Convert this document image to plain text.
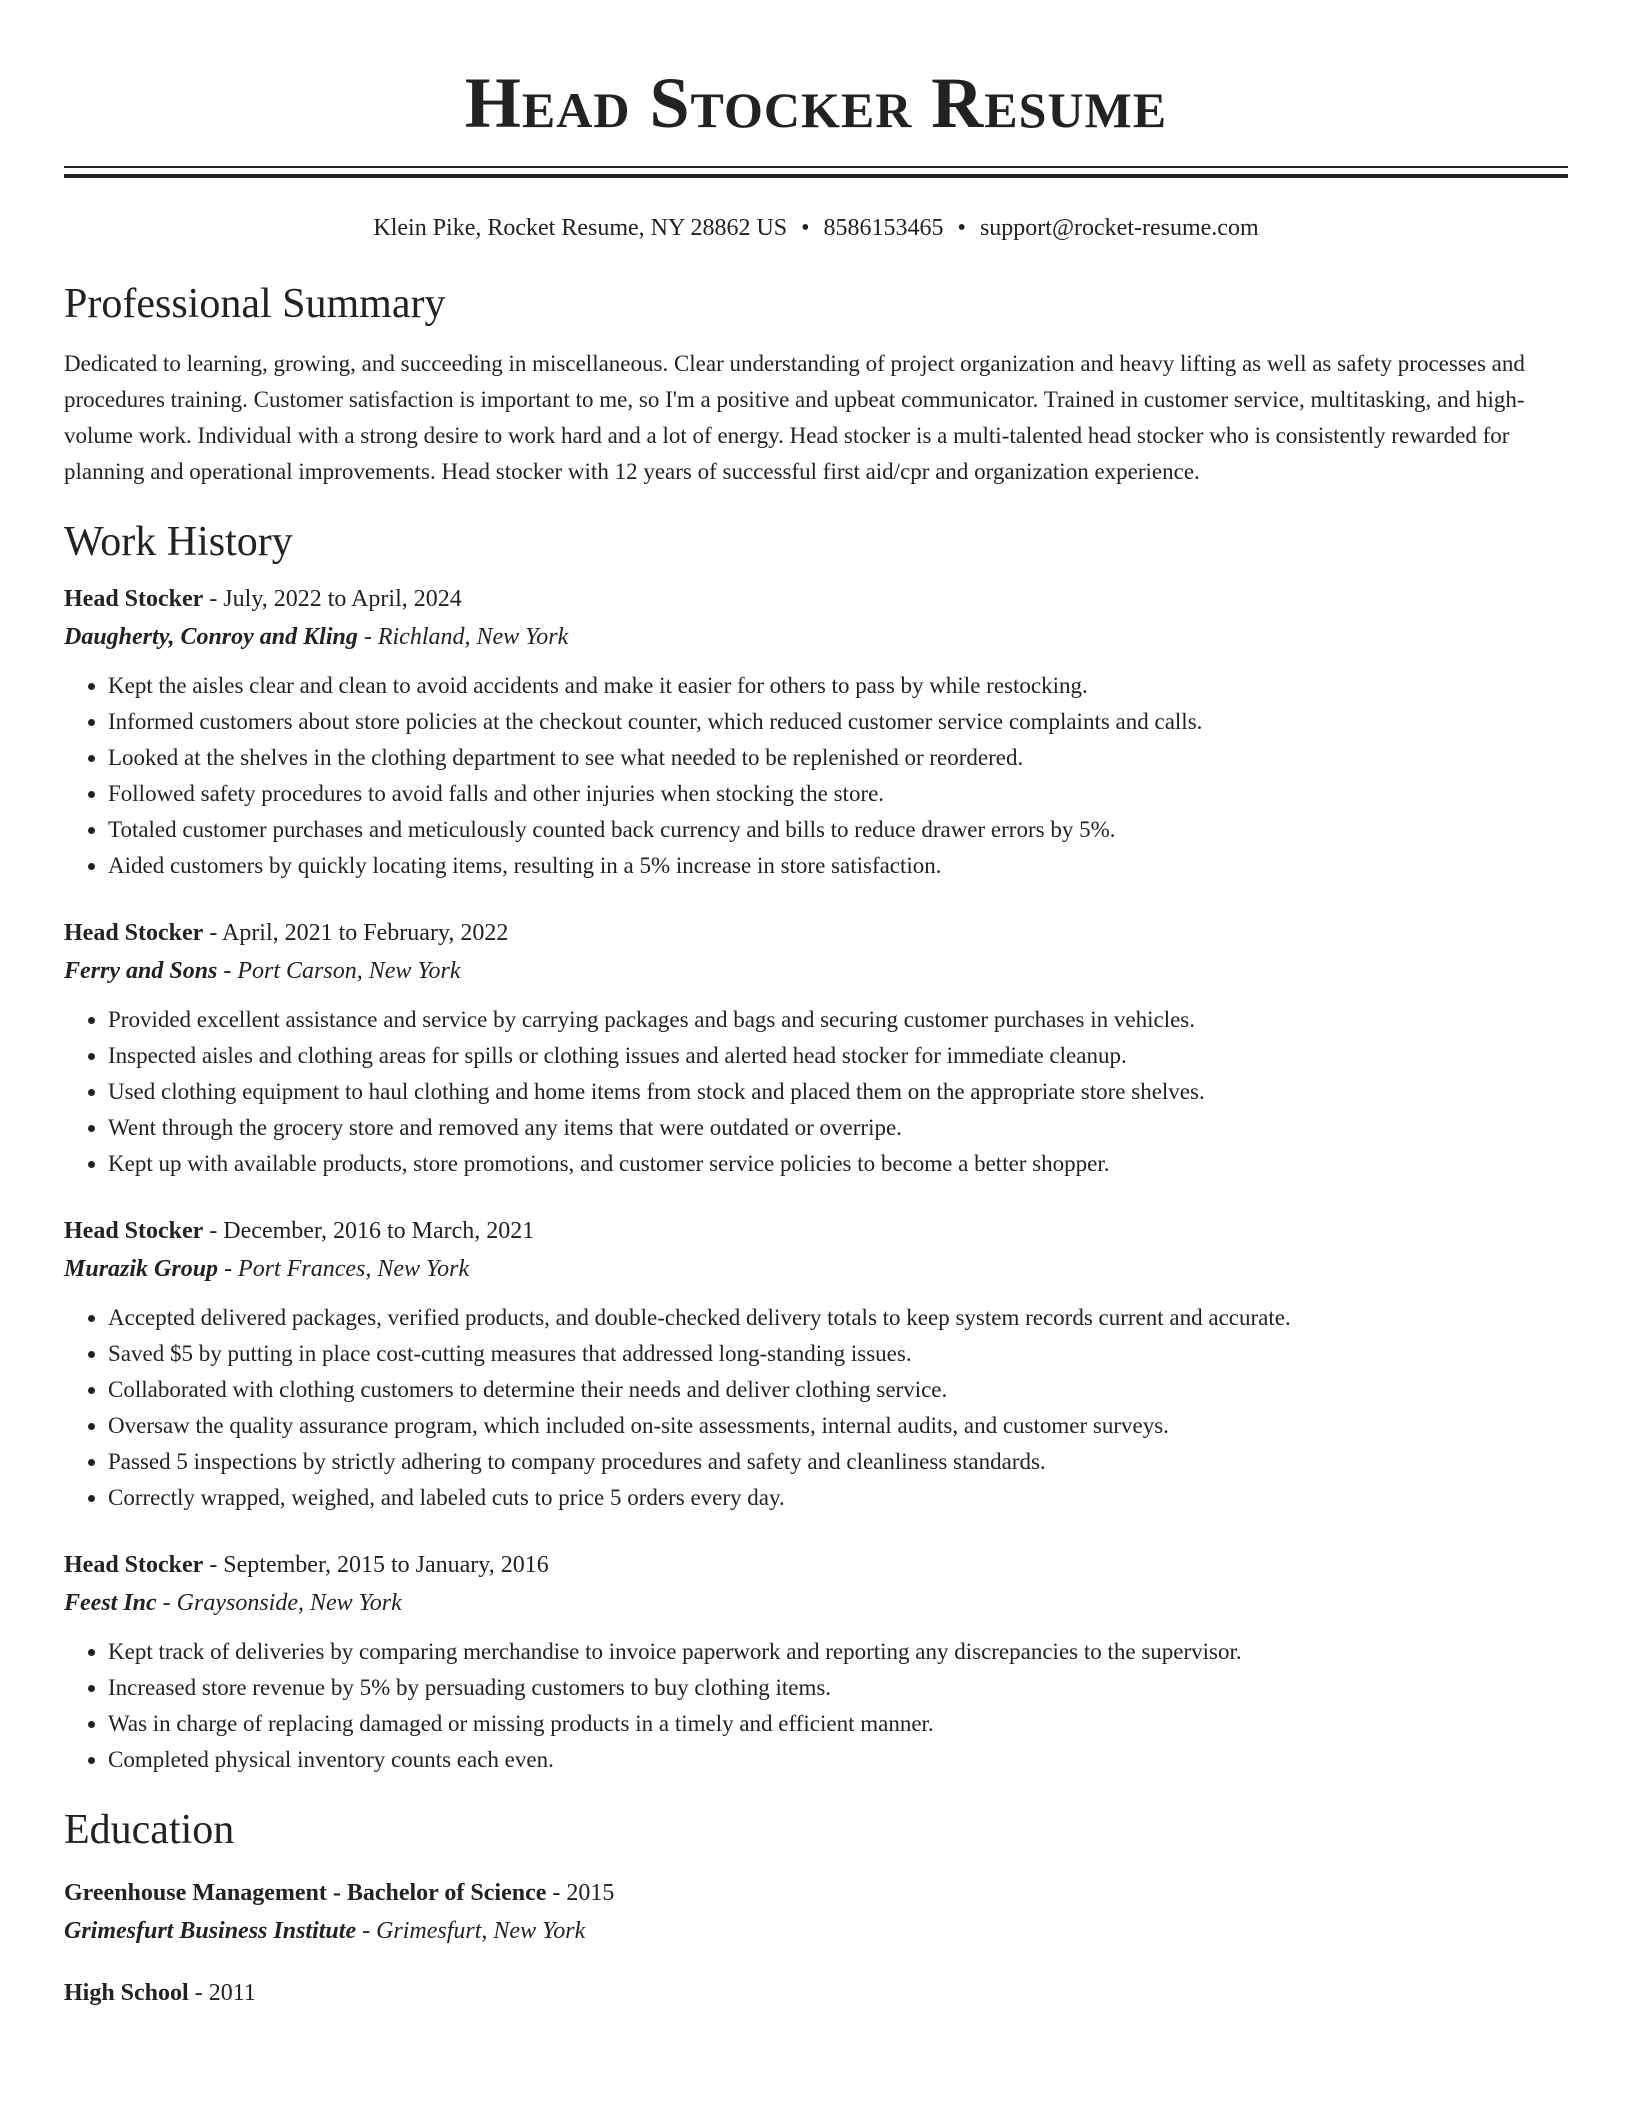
Head Stocker Resume
Klein Pike, Rocket Resume, NY 28862 US • 8586153465 • support@rocket-resume.com
Professional Summary

Dedicated to learning, growing, and succeeding in miscellaneous. Clear understanding of project organization and heavy lifting as well as safety processes and procedures training. Customer satisfaction is important to me, so I'm a positive and upbeat communicator. Trained in customer service, multitasking, and high-volume work. Individual with a strong desire to work hard and a lot of energy. Head stocker is a multi-talented head stocker who is consistently rewarded for planning and operational improvements. Head stocker with 12 years of successful first aid/cpr and organization experience.

Work History
Head Stocker - July, 2022 to April, 2024
Daugherty, Conroy and Kling - Richland, New York
• Kept the aisles clear and clean to avoid accidents and make it easier for others to pass by while restocking.
• Informed customers about store policies at the checkout counter, which reduced customer service complaints and calls.
• Looked at the shelves in the clothing department to see what needed to be replenished or reordered.
• Followed safety procedures to avoid falls and other injuries when stocking the store.
• Totaled customer purchases and meticulously counted back currency and bills to reduce drawer errors by 5%.
• Aided customers by quickly locating items, resulting in a 5% increase in store satisfaction.
Head Stocker - April, 2021 to February, 2022
Ferry and Sons - Port Carson, New York
• Provided excellent assistance and service by carrying packages and bags and securing customer purchases in vehicles.
• Inspected aisles and clothing areas for spills or clothing issues and alerted head stocker for immediate cleanup.
• Used clothing equipment to haul clothing and home items from stock and placed them on the appropriate store shelves.
• Went through the grocery store and removed any items that were outdated or overripe.
• Kept up with available products, store promotions, and customer service policies to become a better shopper.
Head Stocker - December, 2016 to March, 2021
Murazik Group - Port Frances, New York
• Accepted delivered packages, verified products, and double-checked delivery totals to keep system records current and accurate.
• Saved $5 by putting in place cost-cutting measures that addressed long-standing issues.
• Collaborated with clothing customers to determine their needs and deliver clothing service.
• Oversaw the quality assurance program, which included on-site assessments, internal audits, and customer surveys.
• Passed 5 inspections by strictly adhering to company procedures and safety and cleanliness standards.
• Correctly wrapped, weighed, and labeled cuts to price 5 orders every day.
Head Stocker - September, 2015 to January, 2016
Feest Inc - Graysonside, New York
• Kept track of deliveries by comparing merchandise to invoice paperwork and reporting any discrepancies to the supervisor.
• Increased store revenue by 5% by persuading customers to buy clothing items.
• Was in charge of replacing damaged or missing products in a timely and efficient manner.
• Completed physical inventory counts each even.
Education
Greenhouse Management - Bachelor of Science - 2015
Grimesfurt Business Institute - Grimesfurt, New York
High School - 2011
